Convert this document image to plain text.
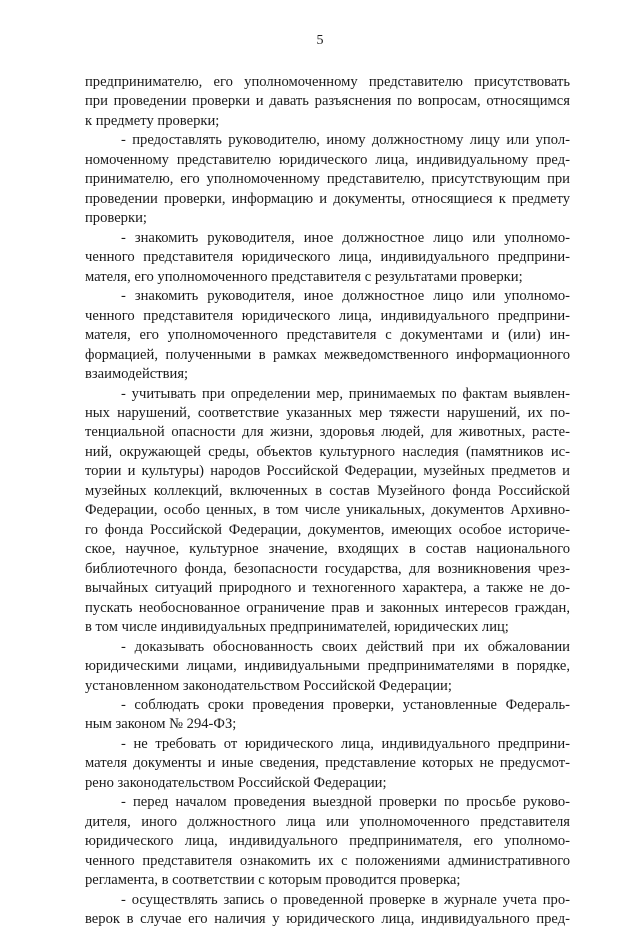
5
предпринимателю, его уполномоченному представителю присутствовать
при проведении проверки и давать разъяснения по вопросам, относящимся
к предмету проверки;
- предоставлять руководителю, иному должностному лицу или упол-
номоченному представителю юридического лица, индивидуальному пред-
принимателю, его уполномоченному представителю, присутствующим при
проведении проверки, информацию и документы, относящиеся к предмету
проверки;
- знакомить руководителя, иное должностное лицо или уполномо-
ченного представителя юридического лица, индивидуального предприни-
мателя, его уполномоченного представителя с результатами проверки;
- знакомить руководителя, иное должностное лицо или уполномо-
ченного представителя юридического лица, индивидуального предприни-
мателя, его уполномоченного представителя с документами и (или) ин-
формацией, полученными в рамках межведомственного информационного
взаимодействия;
- учитывать при определении мер, принимаемых по фактам выявлен-
ных нарушений, соответствие указанных мер тяжести нарушений, их по-
тенциальной опасности для жизни, здоровья людей, для животных, расте-
ний, окружающей среды, объектов культурного наследия (памятников ис-
тории и культуры) народов Российской Федерации, музейных предметов и
музейных коллекций, включенных в состав Музейного фонда Российской
Федерации, особо ценных, в том числе уникальных, документов Архивно-
го фонда Российской Федерации, документов, имеющих особое историче-
ское, научное, культурное значение, входящих в состав национального
библиотечного фонда, безопасности государства, для возникновения чрез-
вычайных ситуаций природного и техногенного характера, а также не до-
пускать необоснованное ограничение прав и законных интересов граждан,
в том числе индивидуальных предпринимателей, юридических лиц;
- доказывать обоснованность своих действий при их обжаловании
юридическими лицами, индивидуальными предпринимателями в порядке,
установленном законодательством Российской Федерации;
- соблюдать сроки проведения проверки, установленные Федераль-
ным законом № 294-ФЗ;
- не требовать от юридического лица, индивидуального предприни-
мателя документы и иные сведения, представление которых не предусмот-
рено законодательством Российской Федерации;
- перед началом проведения выездной проверки по просьбе руково-
дителя, иного должностного лица или уполномоченного представителя
юридического лица, индивидуального предпринимателя, его уполномо-
ченного представителя ознакомить их с положениями административного
регламента, в соответствии с которым проводится проверка;
- осуществлять запись о проведенной проверке в журнале учета про-
верок в случае его наличия у юридического лица, индивидуального пред-
